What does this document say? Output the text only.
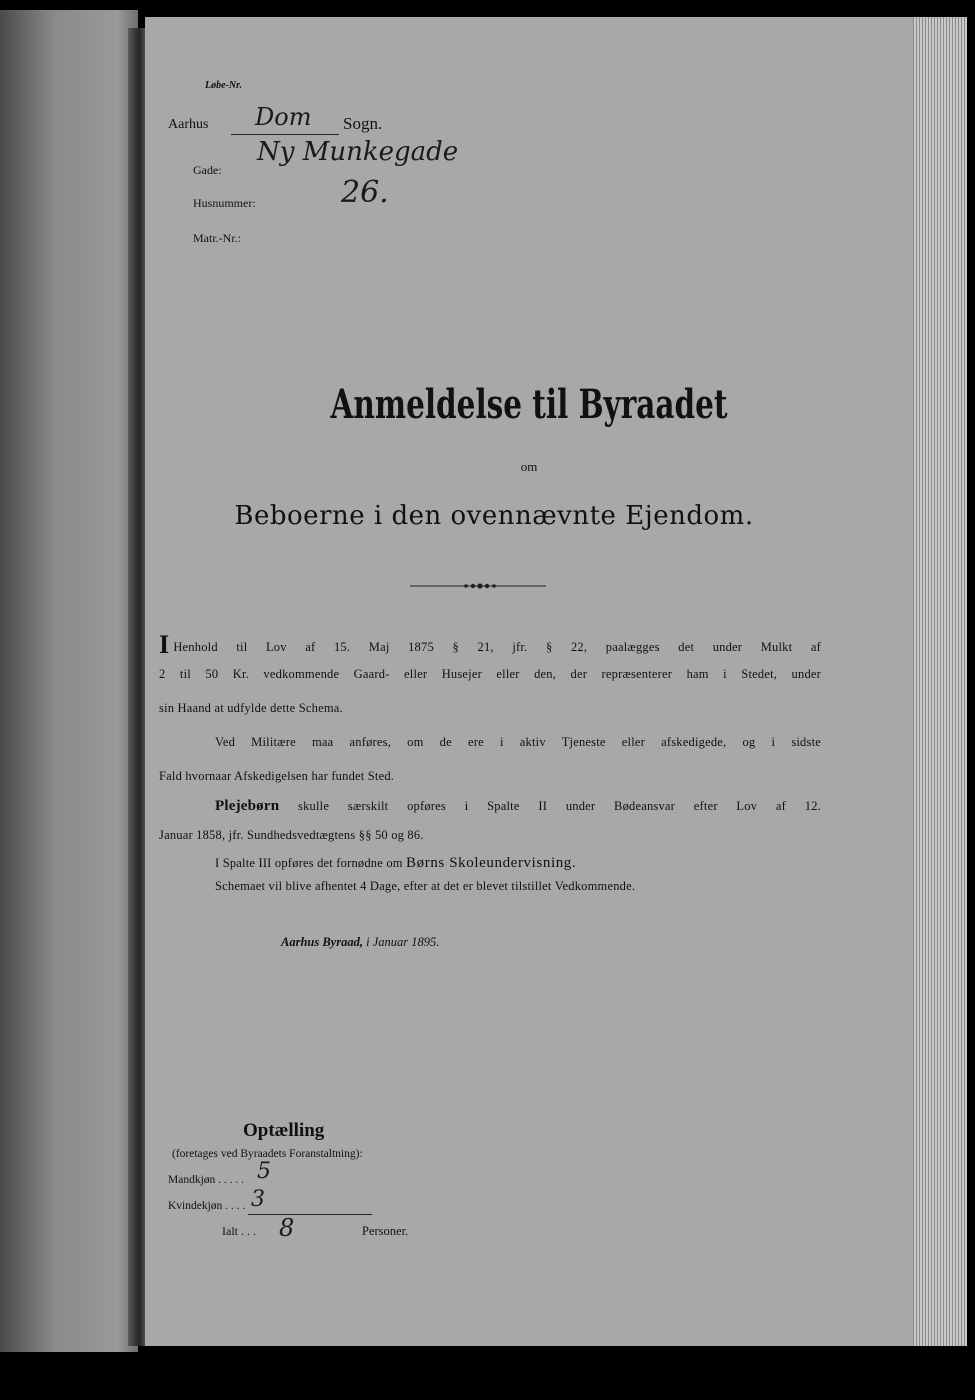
Løbe-Nr.
Aarhus Dom Sogn.
Gade:
Ny Munkegade
Husnummer:	26.
Matr.-Nr.:
Anmeldelse til Byraadet
om
Beboerne i den ovennævnte Ejendom.
I Henhold til Lov af 15. Maj 1875 § 21, jfr. § 22, paalægges det under Mulkt af
2 til 50 Kr. vedkommende Gaard- eller Husejer eller den, der repræsenterer ham i Stedet, under
sin Haand at udfylde dette Schema.
Ved Militære maa anføres, om de ere i aktiv Tjeneste eller afskedigede, og i sidste
Fald hvornaar Afskedigelsen har fundet Sted.
Plejebørn skulle særskilt opføres i Spalte II under Bødeansvar efter Lov af 12.
Januar 1858, jfr. Sundhedsvedtægtens §§ 50 og 86.
I Spalte III opføres det fornødne om Børns Skoleundervisning.
Schemaet vil blive afhentet 4 Dage, efter at det er blevet tilstillet Vedkommende.
Aarhus Byraad, i Januar 1895.
Optælling
(foretages ved Byraadets Foranstaltning):
Mandkjøn . . . . . 5
Kvindekjøn . . . . 3
Ialt . . . 8	Personer.
